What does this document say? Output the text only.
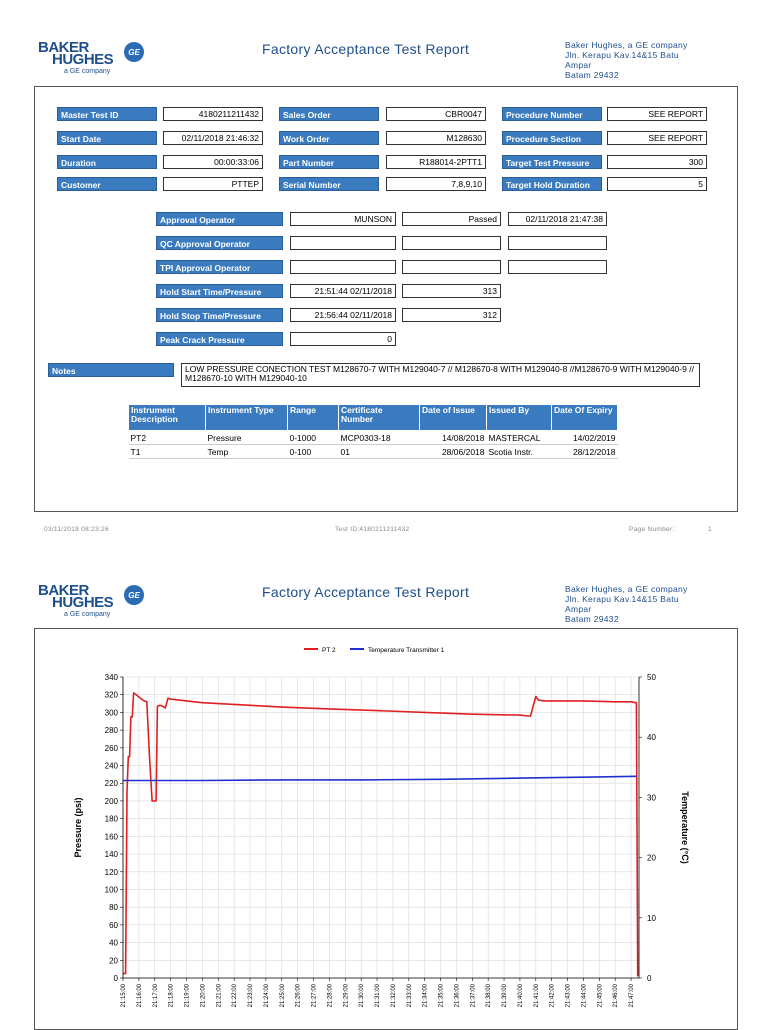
BAKER
HUGHES
a GE company
GE	Factory Acceptance Test Report	Baker Hughes, a GE company
Jln. Kerapu Kav.14&15 Batu
Ampar
Batam 29432
Master Test ID	4180211211432
Start Date	02/11/2018 21:46:32
Duration	00:00:33:06
Customer	PTTEP
Sales Order	CBR0047
Work Order	M128630
Part Number	R188014-2PTT1
Serial Number	7,8,9,10
Procedure Number	SEE REPORT
Procedure Section	SEE REPORT
Target Test Pressure	300
Target Hold Duration	5
Approval Operator	MUNSON	Passed	02/11/2018 21:47:38
QC Approval Operator
TPI Approval Operator
Hold Start Time/Pressure	21:51:44 02/11/2018	313
Hold Stop Time/Pressure	21:56:44 02/11/2018	312
Peak Crack Pressure	0
Notes	LOW PRESSURE CONECTION TEST M128670-7 WITH M129040-7 // M128670-8 WITH M129040-8 //M128670-9 WITH M129040-9 // M128670-10 WITH M129040-10
Instrument Description	Instrument Type	Range	Certificate Number	Date of Issue	Issued By	Date Of Expiry
PT2	Pressure	0-1000	MCP0303-18	14/08/2018	MASTERCAL	14/02/2019
T1	Temp	0-100	01	28/06/2018	Scotia Instr.	28/12/2018
03/11/2018 08:23:26	Test ID:4180211211432	Page Number:	1
BAKER
HUGHES
a GE company
GE	Factory Acceptance Test Report	Baker Hughes, a GE company
Jln. Kerapu Kav.14&15 Batu
Ampar
Batam 29432
PT 2	Temperature Transmitter 1
0
20
40
60
80
100
120
140
160
180
200
220
240
260
280
300
320
340
21:15:00 21:16:00 21:17:00 21:18:00 21:19:00 21:20:00 21:21:00 21:22:00 21:23:00 21:24:00 21:25:00 21:26:00 21:27:00 21:28:00 21:29:00 21:30:00 21:31:00 21:32:00 21:33:00 21:34:00 21:35:00 21:36:00 21:37:00 21:38:00 21:39:00 21:40:00 21:41:00 21:42:00 21:43:00 21:44:00 21:45:00 21:46:00 21:47:00
0
10
20
30
40
50
Pressure (psi)	Temperature (°C)
